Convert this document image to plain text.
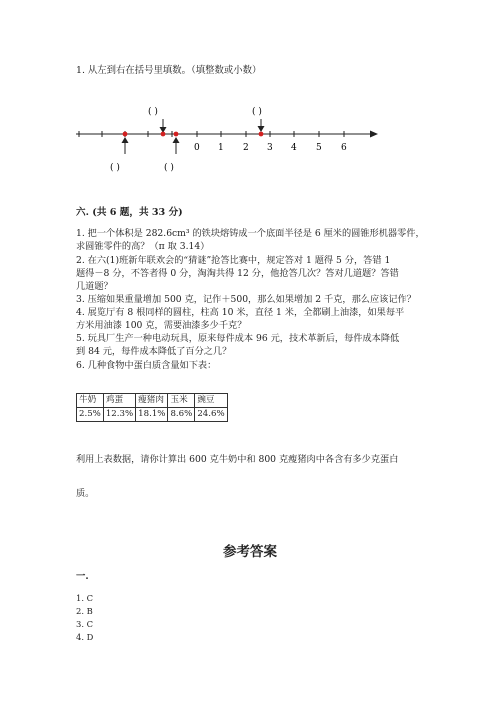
1. 从左到右在括号里填数。（填整数或小数）
( )	( )
0 1 2 3 4 5 6
( )	( )
六. (共 6 题，共 33 分)
1. 把一个体积是 282.6cm³ 的铁块熔铸成一个底面半径是 6 厘米的圆锥形机器零件，
求圆锥零件的高？（π 取 3.14）
2. 在六(1)班新年联欢会的“猜谜”抢答比赛中，规定答对 1 题得 5 分，答错 1
题得－8 分，不答者得 0 分，淘淘共得 12 分，他抢答几次？答对几道题？答错
几道题？
3. 压缩如果重量增加 500 克，记作＋500，那么如果增加 2 千克，那么应该记作？
4. 展览厅有 8 根同样的圆柱，柱高 10 米，直径 1 米，全都刷上油漆，如果每平
方米用油漆 100 克，需要油漆多少千克？
5. 玩具厂生产一种电动玩具，原来每件成本 96 元，技术革新后，每件成本降低
到 84 元，每件成本降低了百分之几？
6. 几种食物中蛋白质含量如下表：
牛奶	鸡蛋	瘦猪肉	玉米	豌豆
2.5%	12.3%	18.1%	8.6%	24.6%
利用上表数据，请你计算出 600 克牛奶中和 800 克瘦猪肉中各含有多少克蛋白
质。
参考答案
一.
1. C
2. B
3. C
4. D
